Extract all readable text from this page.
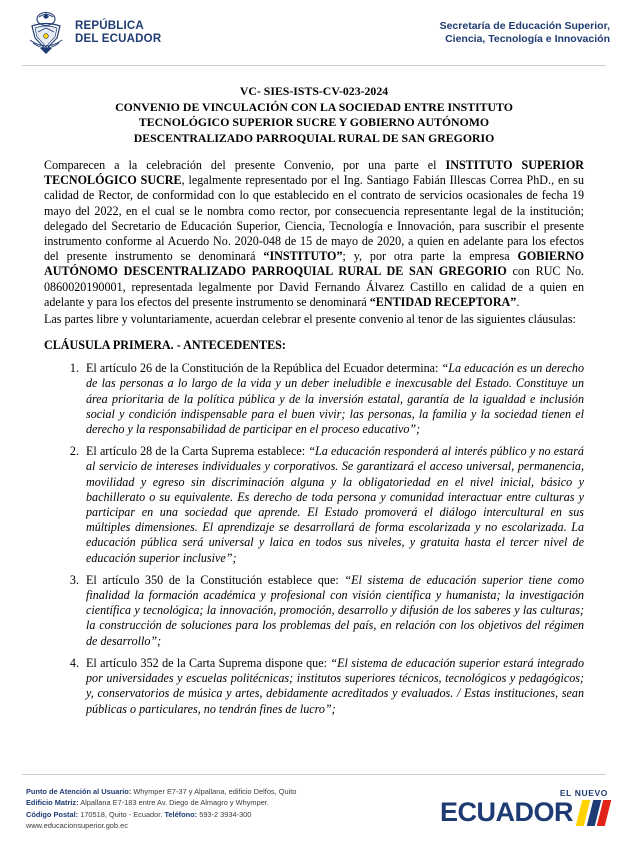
REPÚBLICA
DEL ECUADOR
Secretaría de Educación Superior,
Ciencia, Tecnología e Innovación
VC- SIES-ISTS-CV-023-2024
CONVENIO DE VINCULACIÓN CON LA SOCIEDAD ENTRE INSTITUTO
TECNOLÓGICO SUPERIOR SUCRE Y GOBIERNO AUTÓNOMO
DESCENTRALIZADO PARROQUIAL RURAL DE SAN GREGORIO

Comparecen a la celebración del presente Convenio, por una parte el INSTITUTO SUPERIOR TECNOLÓGICO SUCRE, legalmente representado por el Ing. Santiago Fabián Illescas Correa PhD., en su calidad de Rector, de conformidad con lo que establecido en el contrato de servicios ocasionales de fecha 19 mayo del 2022, en el cual se le nombra como rector, por consecuencia representante legal de la institución; delegado del Secretario de Educación Superior, Ciencia, Tecnología e Innovación, para suscribir el presente instrumento conforme al Acuerdo No. 2020-048 de 15 de mayo de 2020, a quien en adelante para los efectos del presente instrumento se denominará “INSTITUTO”; y, por otra parte la empresa GOBIERNO AUTÓNOMO DESCENTRALIZADO PARROQUIAL RURAL DE SAN GREGORIO con RUC No. 0860020190001, representada legalmente por David Fernando Álvarez Castillo en calidad de a quien en adelante y para los efectos del presente instrumento se denominará “ENTIDAD RECEPTORA”.

Las partes libre y voluntariamente, acuerdan celebrar el presente convenio al tenor de las siguientes cláusulas:

CLÁUSULA PRIMERA. - ANTECEDENTES:
1. El artículo 26 de la Constitución de la República del Ecuador determina: “La educación es un derecho de las personas a lo largo de la vida y un deber ineludible e inexcusable del Estado. Constituye un área prioritaria de la política pública y de la inversión estatal, garantía de la igualdad e inclusión social y condición indispensable para el buen vivir; las personas, la familia y la sociedad tienen el derecho y la responsabilidad de participar en el proceso educativo”;
2. El artículo 28 de la Carta Suprema establece: “La educación responderá al interés público y no estará al servicio de intereses individuales y corporativos. Se garantizará el acceso universal, permanencia, movilidad y egreso sin discriminación alguna y la obligatoriedad en el nivel inicial, básico y bachillerato o su equivalente. Es derecho de toda persona y comunidad interactuar entre culturas y participar en una sociedad que aprende. El Estado promoverá el diálogo intercultural en sus múltiples dimensiones. El aprendizaje se desarrollará de forma escolarizada y no escolarizada. La educación pública será universal y laica en todos sus niveles, y gratuita hasta el tercer nivel de educación superior inclusive”;
3. El artículo 350 de la Constitución establece que: “El sistema de educación superior tiene como finalidad la formación académica y profesional con visión científica y humanista; la investigación científica y tecnológica; la innovación, promoción, desarrollo y difusión de los saberes y las culturas; la construcción de soluciones para los problemas del país, en relación con los objetivos del régimen de desarrollo”;
4. El artículo 352 de la Carta Suprema dispone que: “El sistema de educación superior estará integrado por universidades y escuelas politécnicas; institutos superiores técnicos, tecnológicos y pedagógicos; y, conservatorios de música y artes, debidamente acreditados y evaluados. / Estas instituciones, sean públicas o particulares, no tendrán fines de lucro”;
Punto de Atención al Usuario: Whymper E7-37 y Alpallana, edificio Delfos, Quito
Edificio Matriz: Alpallana E7-183 entre Av. Diego de Almagro y Whymper.
Código Postal: 170518, Quito - Ecuador. Teléfono: 593-2 3934-300
www.educacionsuperior.gob.ec
EL NUEVO
ECUADOR
